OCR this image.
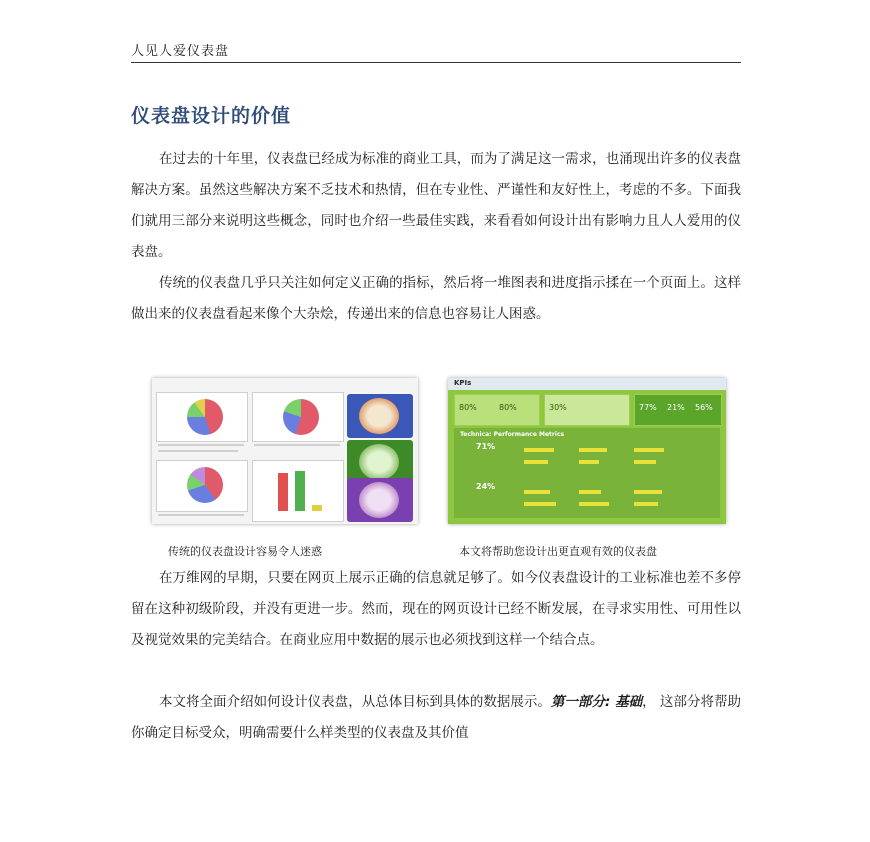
人见人爱仪表盘
仪表盘设计的价值

在过去的十年里，仪表盘已经成为标准的商业工具，而为了满足这一需求，也涌现出许多的仪表盘解决方案。虽然这些解决方案不乏技术和热情，但在专业性、严谨性和友好性上，考虑的不多。下面我们就用三部分来说明这些概念，同时也介绍一些最佳实践，来看看如何设计出有影响力且人人爱用的仪表盘。

传统的仪表盘几乎只关注如何定义正确的指标，然后将一堆图表和进度指示揉在一个页面上。这样做出来的仪表盘看起来像个大杂烩，传递出来的信息也容易让人困惑。

KPIs
80%	80%	30%	77% 21% 56%
Technica: Performance Metrics
71%
24%
传统的仪表盘设计容易令人迷惑	本文将帮助您设计出更直观有效的仪表盘

在万维网的早期，只要在网页上展示正确的信息就足够了。如今仪表盘设计的工业标准也差不多停留在这种初级阶段，并没有更进一步。然而，现在的网页设计已经不断发展，在寻求实用性、可用性以及视觉效果的完美结合。在商业应用中数据的展示也必须找到这样一个结合点。

本文将全面介绍如何设计仪表盘，从总体目标到具体的数据展示。第一部分: 基础， 这部分将帮助你确定目标受众，明确需要什么样类型的仪表盘及其价值
